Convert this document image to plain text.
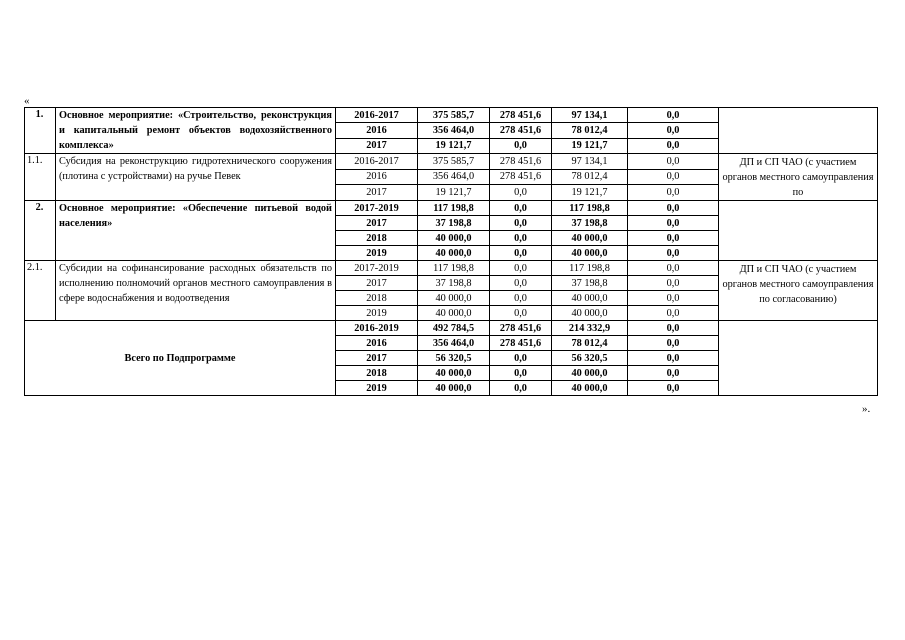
«
1.	Основное мероприятие: «Строительство, реконструкция и капитальный ремонт объектов водохозяйственного комплекса»	2016-2017	375 585,7	278 451,6	97 134,1	0,0	
		2016	356 464,0	278 451,6	78 012,4	0,0	
		2017	19 121,7	0,0	19 121,7	0,0	
1.1.	Субсидия на реконструкцию гидротехнического сооружения (плотина с устройствами) на ручье Певек	2016-2017	375 585,7	278 451,6	97 134,1	0,0	ДП и СП ЧАО (с участием органов местного самоуправления по
		2016	356 464,0	278 451,6	78 012,4	0,0	
		2017	19 121,7	0,0	19 121,7	0,0	
2.	Основное мероприятие: «Обеспечение питьевой водой населения»	2017-2019	117 198,8	0,0	117 198,8	0,0	
		2017	37 198,8	0,0	37 198,8	0,0	
		2018	40 000,0	0,0	40 000,0	0,0	
		2019	40 000,0	0,0	40 000,0	0,0	
2.1.	Субсидии на софинансирование расходных обязательств по исполнению полномочий органов местного самоуправления в сфере водоснабжения и водоотведения	2017-2019	117 198,8	0,0	117 198,8	0,0	ДП и СП ЧАО (с участием органов местного самоуправления по согласованию)
		2017	37 198,8	0,0	37 198,8	0,0	
		2018	40 000,0	0,0	40 000,0	0,0	
		2019	40 000,0	0,0	40 000,0	0,0	
Всего по Подпрограмме		2016-2019	492 784,5	278 451,6	214 332,9	0,0	
		2016	356 464,0	278 451,6	78 012,4	0,0	
		2017	56 320,5	0,0	56 320,5	0,0	
		2018	40 000,0	0,0	40 000,0	0,0	
		2019	40 000,0	0,0	40 000,0	0,0	
».
